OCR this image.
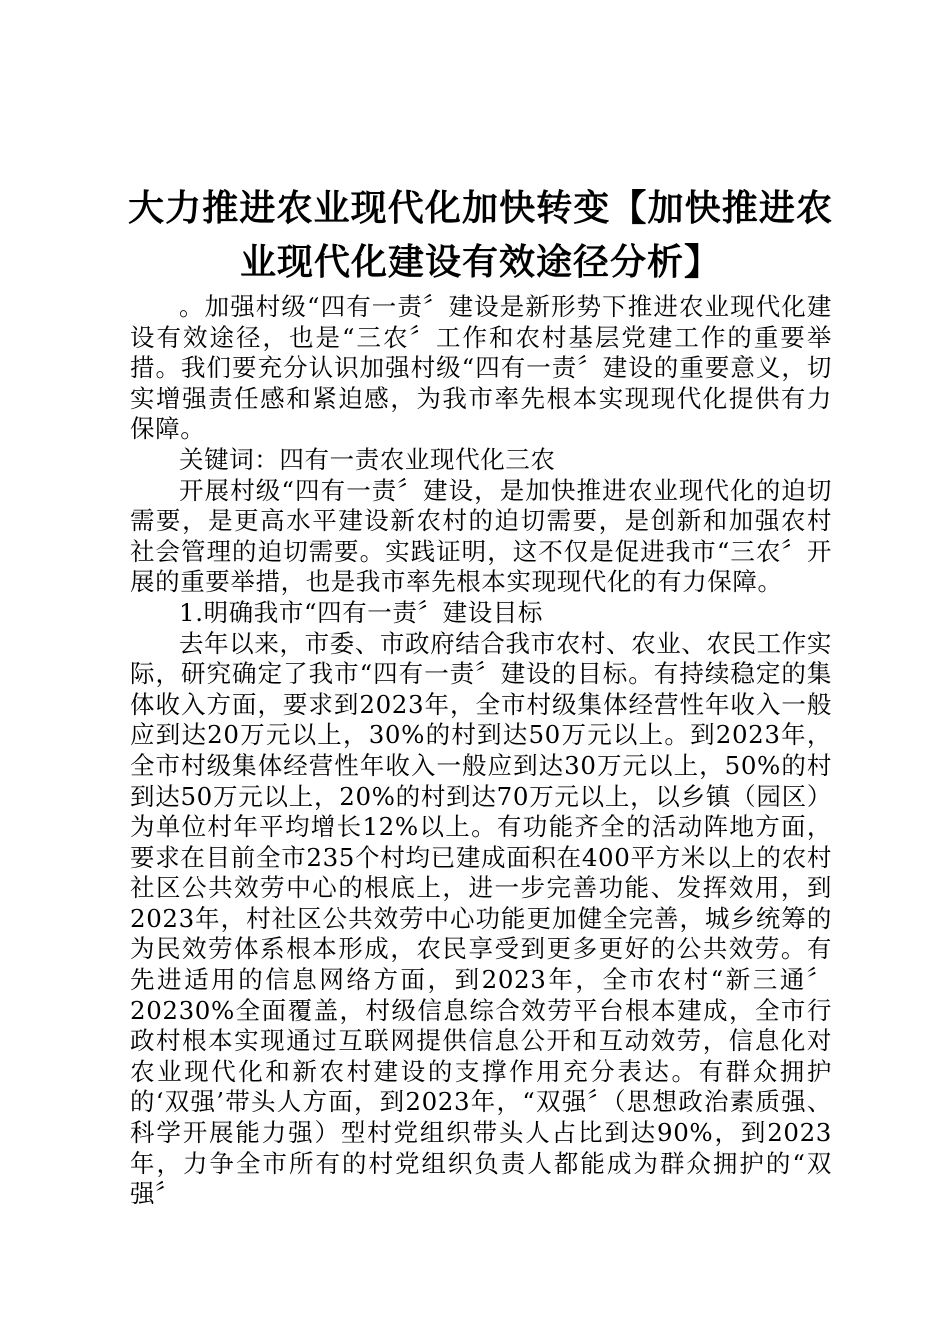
大力推进农业现代化加快转变【加快推进农业现代化建设有效途径分析】

。加强村级“四有一责〞建设是新形势下推进农业现代化建设有效途径，也是“三农〞工作和农村基层党建工作的重要举措。我们要充分认识加强村级“四有一责〞建设的重要意义，切实增强责任感和紧迫感，为我市率先根本实现现代化提供有力保障。

关键词：四有一责农业现代化三农

开展村级“四有一责〞建设，是加快推进农业现代化的迫切需要，是更高水平建设新农村的迫切需要，是创新和加强农村社会管理的迫切需要。实践证明，这不仅是促进我市“三农〞开展的重要举措，也是我市率先根本实现现代化的有力保障。

1.明确我市“四有一责〞建设目标

去年以来，市委、市政府结合我市农村、农业、农民工作实际，研究确定了我市“四有一责〞建设的目标。有持续稳定的集体收入方面，要求到2023年，全市村级集体经营性年收入一般应到达20万元以上，30%的村到达50万元以上。到2023年，全市村级集体经营性年收入一般应到达30万元以上，50%的村到达50万元以上，20%的村到达70万元以上，以乡镇（园区）为单位村年平均增长12%以上。有功能齐全的活动阵地方面，要求在目前全市235个村均已建成面积在400平方米以上的农村社区公共效劳中心的根底上，进一步完善功能、发挥效用，到2023年，村社区公共效劳中心功能更加健全完善，城乡统筹的为民效劳体系根本形成，农民享受到更多更好的公共效劳。有先进适用的信息网络方面，到2023年，全市农村“新三通〞20230%全面覆盖，村级信息综合效劳平台根本建成，全市行政村根本实现通过互联网提供信息公开和互动效劳，信息化对农业现代化和新农村建设的支撑作用充分表达。有群众拥护的‘双强’带头人方面，到2023年，“双强〞（思想政治素质强、科学开展能力强）型村党组织带头人占比到达90%，到2023年，力争全市所有的村党组织负责人都能成为群众拥护的“双强〞
